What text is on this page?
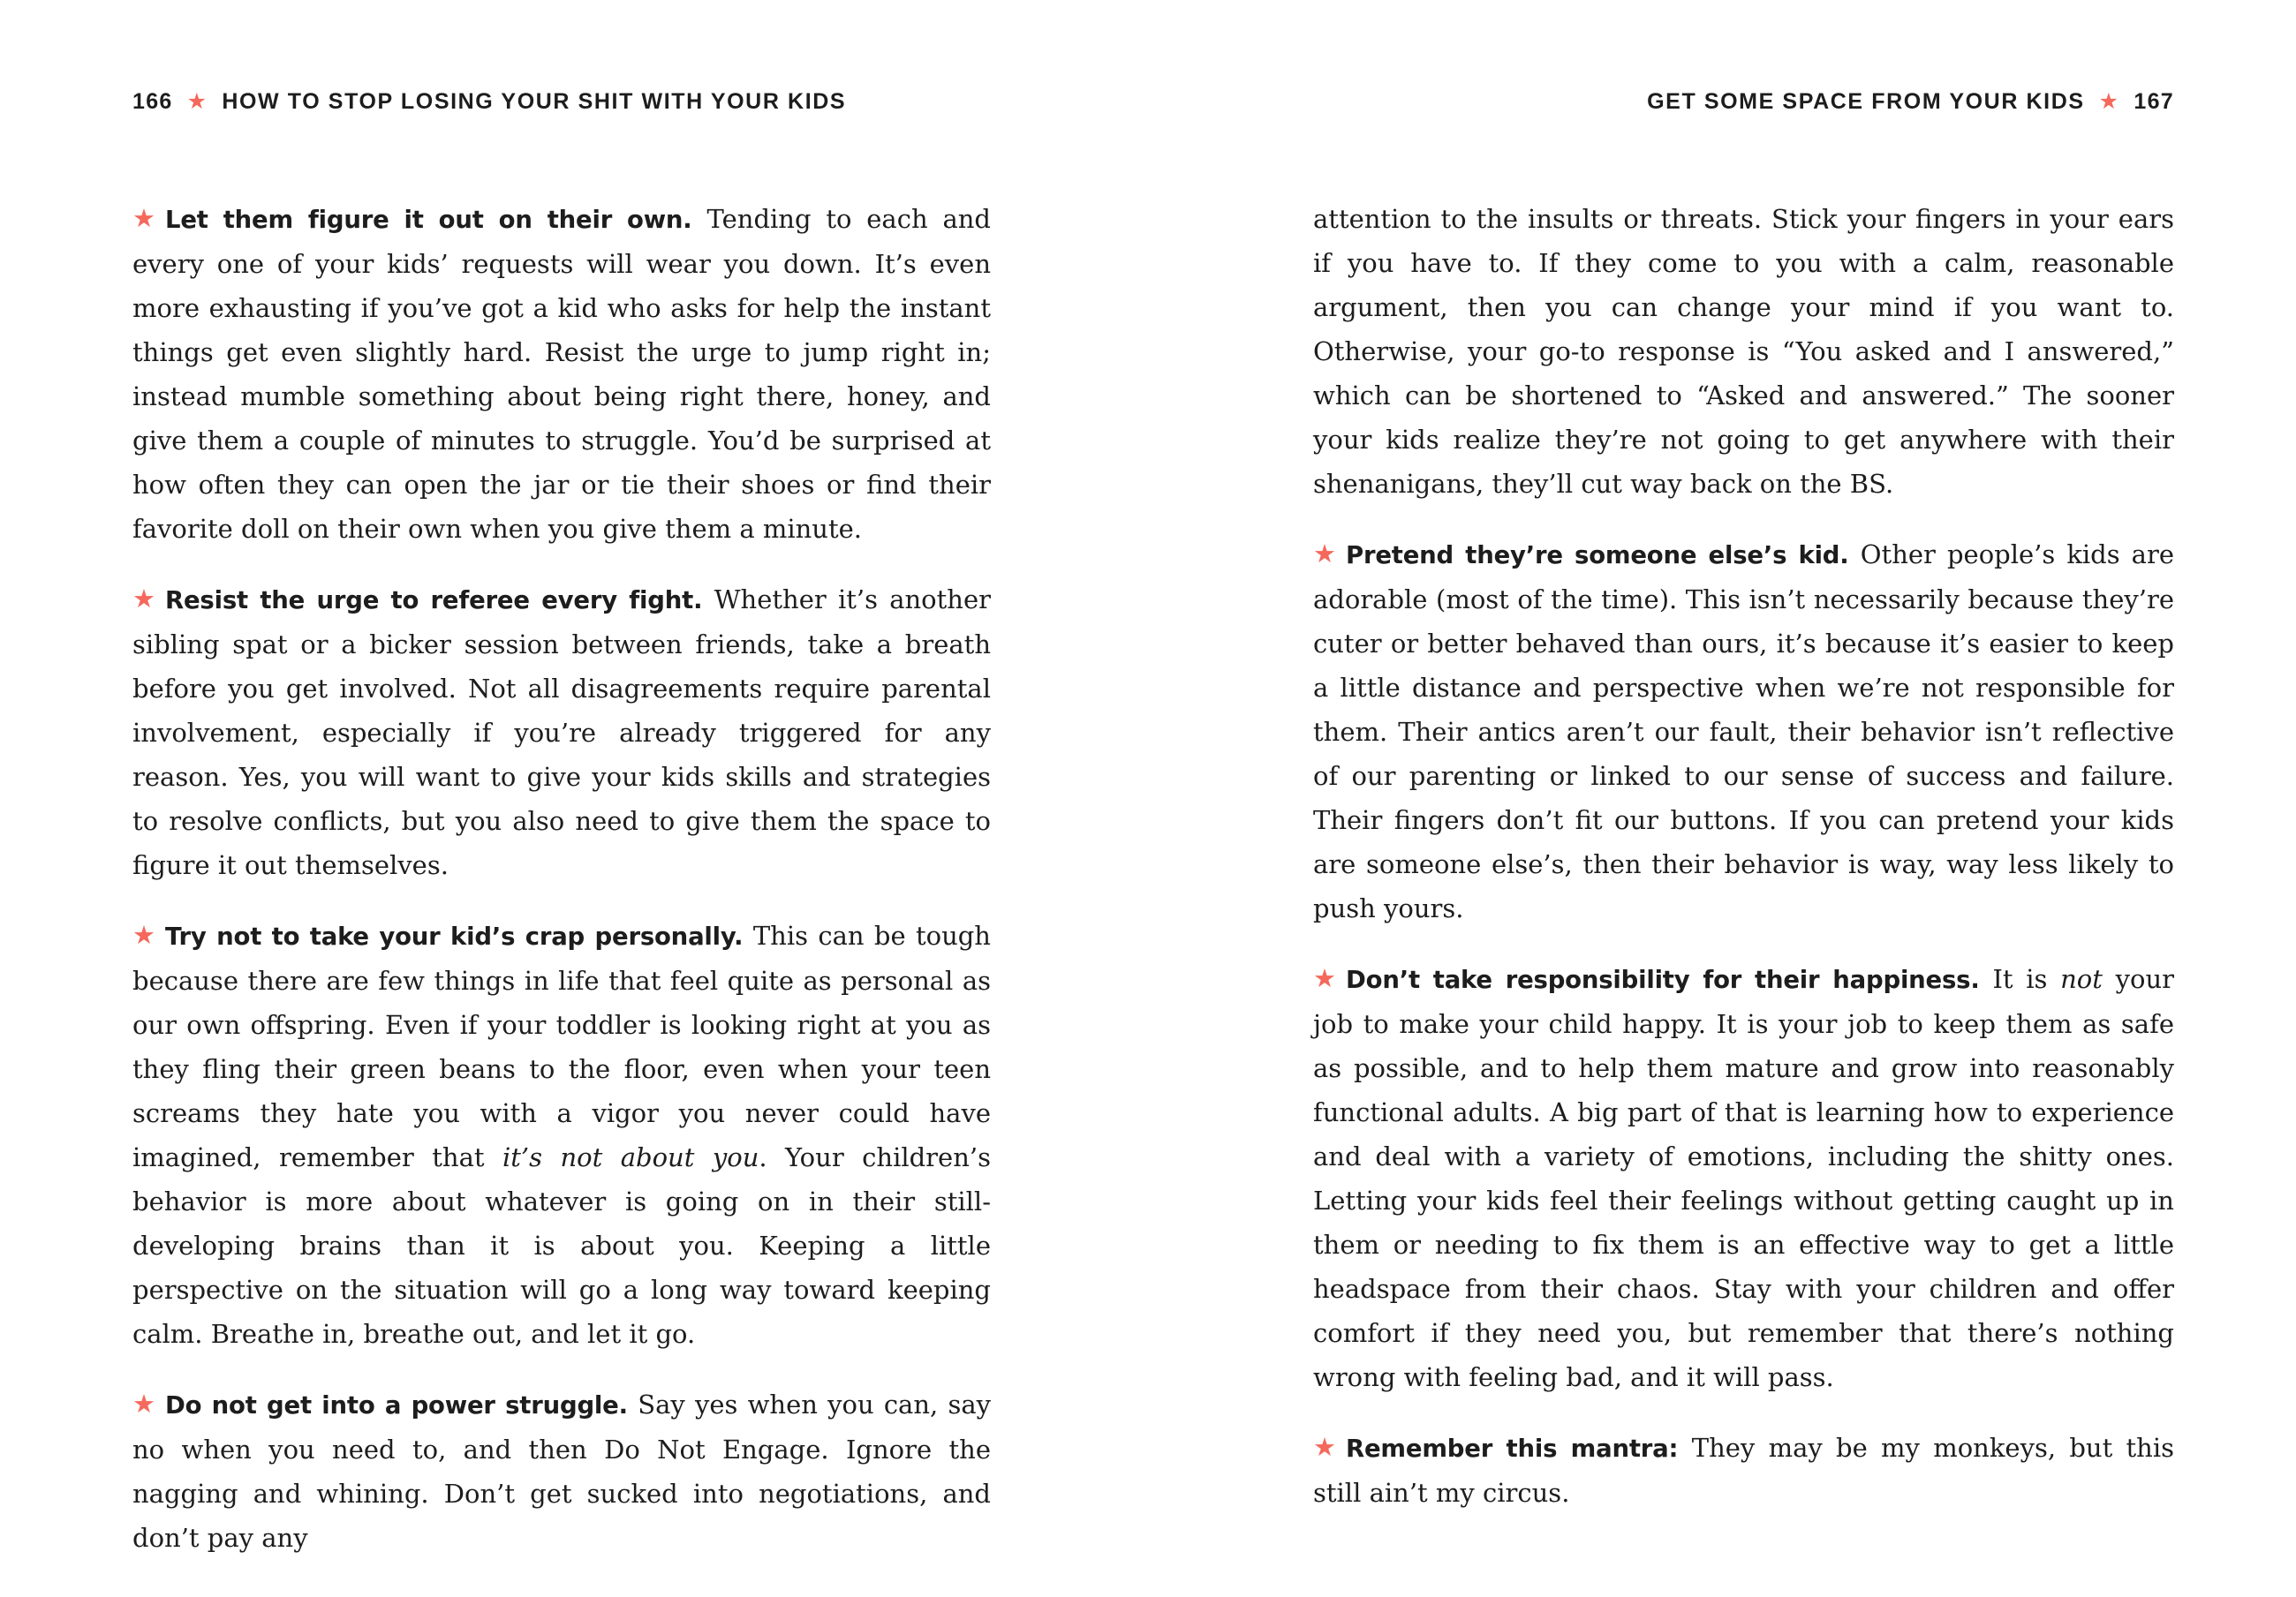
166 ★ HOW TO STOP LOSING YOUR SHIT WITH YOUR KIDS
★ Let them figure it out on their own. Tending to each and every one of your kids’ requests will wear you down. It’s even more exhausting if you’ve got a kid who asks for help the instant things get even slightly hard. Resist the urge to jump right in; instead mumble something about being right there, honey, and give them a couple of minutes to struggle. You’d be surprised at how often they can open the jar or tie their shoes or find their favorite doll on their own when you give them a minute.
★ Resist the urge to referee every fight. Whether it’s another sibling spat or a bicker session between friends, take a breath before you get involved. Not all disagreements require parental involvement, especially if you’re already triggered for any reason. Yes, you will want to give your kids skills and strategies to resolve conflicts, but you also need to give them the space to figure it out themselves.
★ Try not to take your kid’s crap personally. This can be tough because there are few things in life that feel quite as personal as our own offspring. Even if your toddler is looking right at you as they fling their green beans to the floor, even when your teen screams they hate you with a vigor you never could have imagined, remember that it’s not about you. Your children’s behavior is more about whatever is going on in their still-developing brains than it is about you. Keeping a little perspective on the situation will go a long way toward keeping calm. Breathe in, breathe out, and let it go.
★ Do not get into a power struggle. Say yes when you can, say no when you need to, and then Do Not Engage. Ignore the nagging and whining. Don’t get sucked into negotiations, and don’t pay any
GET SOME SPACE FROM YOUR KIDS ★ 167
attention to the insults or threats. Stick your fingers in your ears if you have to. If they come to you with a calm, reasonable argument, then you can change your mind if you want to. Otherwise, your go-to response is “You asked and I answered,” which can be shortened to “Asked and answered.” The sooner your kids realize they’re not going to get anywhere with their shenanigans, they’ll cut way back on the BS.
★ Pretend they’re someone else’s kid. Other people’s kids are adorable (most of the time). This isn’t necessarily because they’re cuter or better behaved than ours, it’s because it’s easier to keep a little distance and perspective when we’re not responsible for them. Their antics aren’t our fault, their behavior isn’t reflective of our parenting or linked to our sense of success and failure. Their fingers don’t fit our buttons. If you can pretend your kids are someone else’s, then their behavior is way, way less likely to push yours.
★ Don’t take responsibility for their happiness. It is not your job to make your child happy. It is your job to keep them as safe as possible, and to help them mature and grow into reasonably functional adults. A big part of that is learning how to experience and deal with a variety of emotions, including the shitty ones. Letting your kids feel their feelings without getting caught up in them or needing to fix them is an effective way to get a little headspace from their chaos. Stay with your children and offer comfort if they need you, but remember that there’s nothing wrong with feeling bad, and it will pass.
★ Remember this mantra: They may be my monkeys, but this still ain’t my circus.
